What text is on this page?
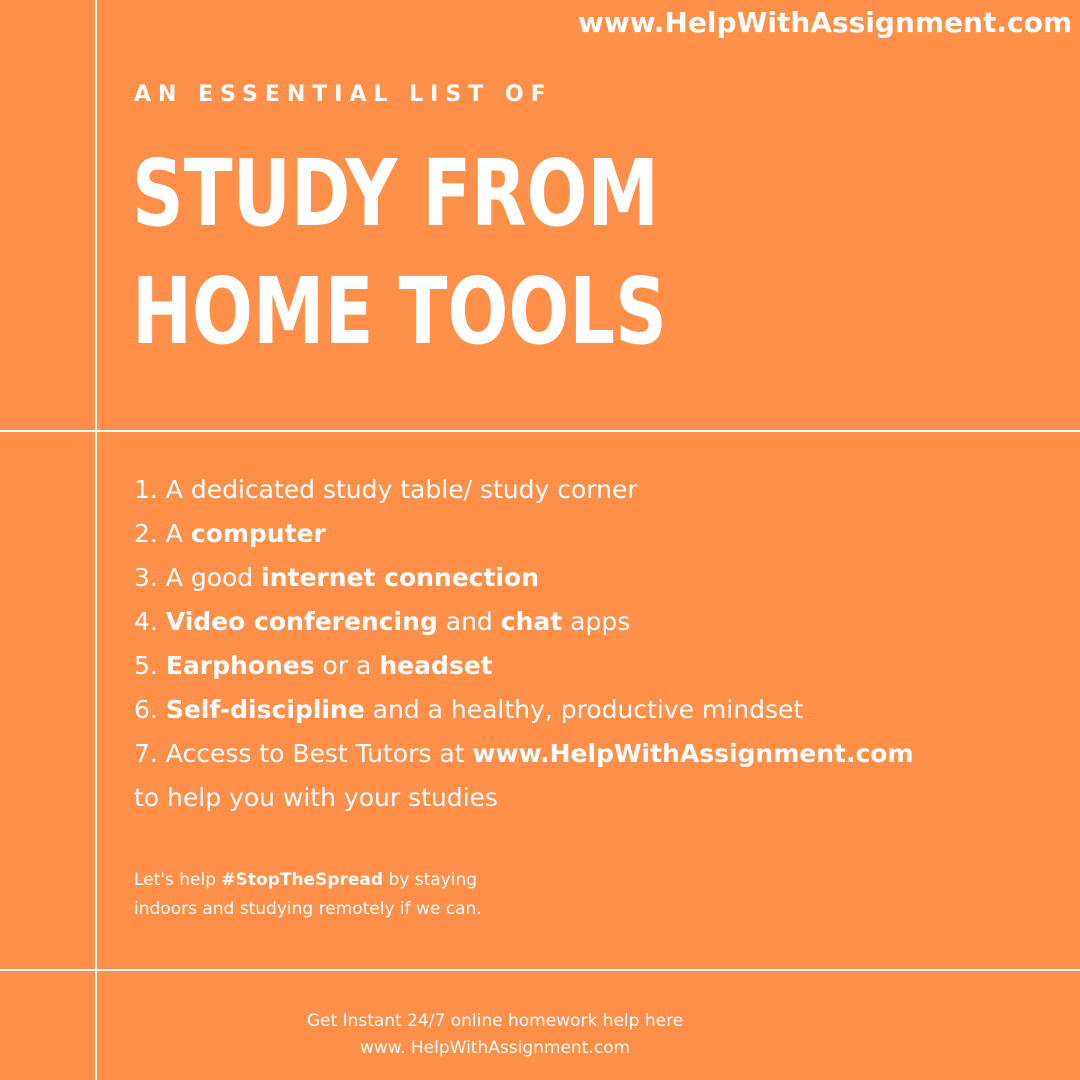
www.HelpWithAssignment.com
AN ESSENTIAL LIST OF
STUDY FROM
HOME TOOLS
1. A dedicated study table/ study corner
2. A computer
3. A good internet connection
4. Video conferencing and chat apps
5. Earphones or a headset
6. Self-discipline and a healthy, productive mindset
7. Access to Best Tutors at www.HelpWithAssignment.com
to help you with your studies
Let's help #StopTheSpread by staying
indoors and studying remotely if we can.
Get Instant 24/7 online homework help here
www. HelpWithAssignment.com
